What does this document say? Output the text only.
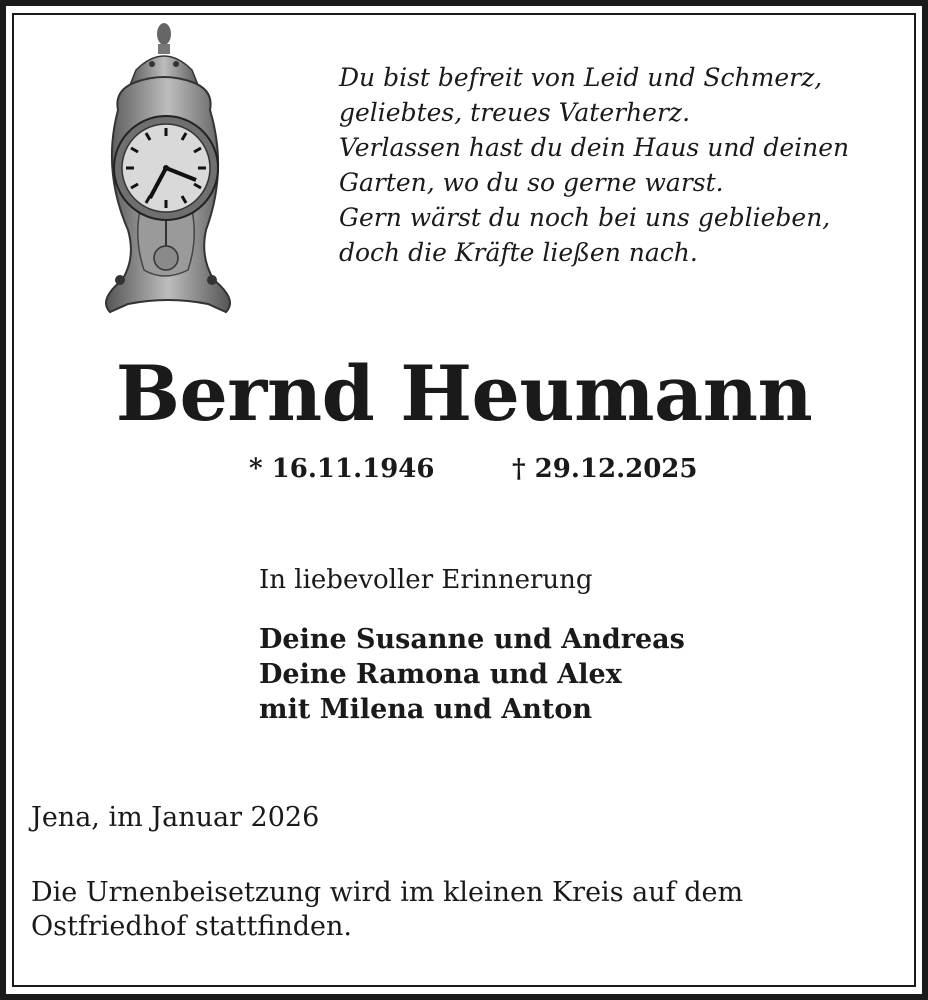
Du bist befreit von Leid und Schmerz,
geliebtes, treues Vaterherz.
Verlassen hast du dein Haus und deinen
Garten, wo du so gerne warst.
Gern wärst du noch bei uns geblieben,
doch die Kräfte ließen nach.
Bernd Heumann
* 16.11.1946	† 29.12.2025
In liebevoller Erinnerung
Deine Susanne und Andreas
Deine Ramona und Alex
mit Milena und Anton
Jena, im Januar 2026
Die Urnenbeisetzung wird im kleinen Kreis auf dem
Ostfriedhof stattfinden.
